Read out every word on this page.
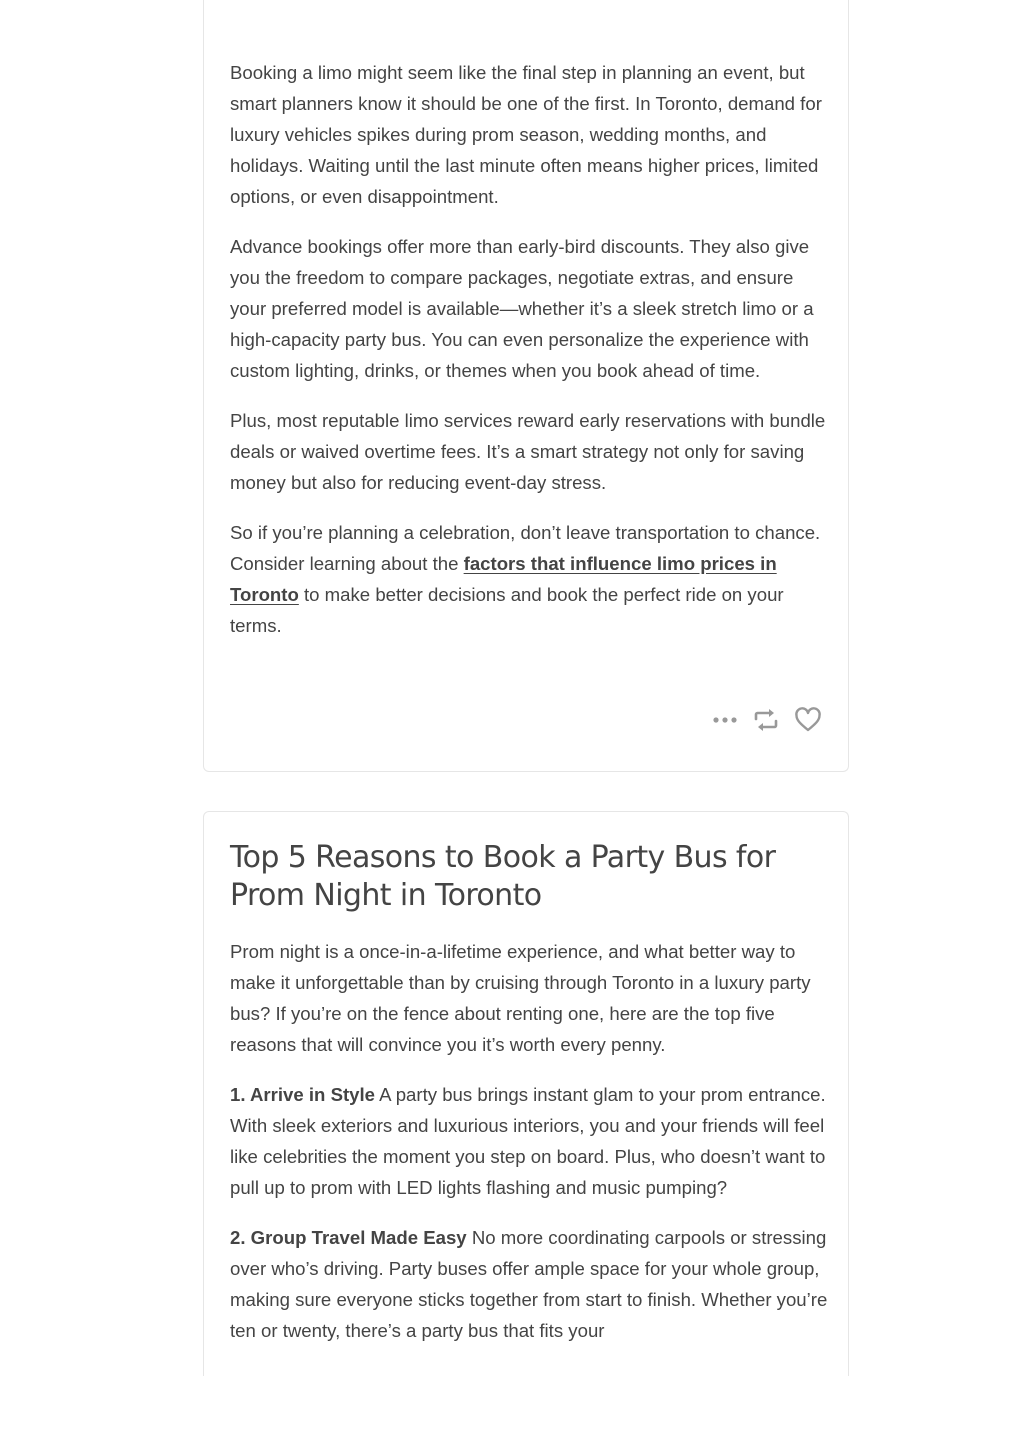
Booking a limo might seem like the final step in planning an event, but smart planners know it should be one of the first. In Toronto, demand for luxury vehicles spikes during prom season, wedding months, and holidays. Waiting until the last minute often means higher prices, limited options, or even disappointment.

Advance bookings offer more than early-bird discounts. They also give you the freedom to compare packages, negotiate extras, and ensure your preferred model is available—whether it’s a sleek stretch limo or a high-capacity party bus. You can even personalize the experience with custom lighting, drinks, or themes when you book ahead of time.

Plus, most reputable limo services reward early reservations with bundle deals or waived overtime fees. It’s a smart strategy not only for saving money but also for reducing event-day stress.

So if you’re planning a celebration, don’t leave transportation to chance. Consider learning about the factors that influence limo prices in Toronto to make better decisions and book the perfect ride on your terms.

Top 5 Reasons to Book a Party Bus for Prom Night in Toronto

Prom night is a once-in-a-lifetime experience, and what better way to make it unforgettable than by cruising through Toronto in a luxury party bus? If you’re on the fence about renting one, here are the top five reasons that will convince you it’s worth every penny.

1. Arrive in Style A party bus brings instant glam to your prom entrance. With sleek exteriors and luxurious interiors, you and your friends will feel like celebrities the moment you step on board. Plus, who doesn’t want to pull up to prom with LED lights flashing and music pumping?

2. Group Travel Made Easy No more coordinating carpools or stressing over who’s driving. Party buses offer ample space for your whole group, making sure everyone sticks together from start to finish. Whether you’re ten or twenty, there’s a party bus that fits your
